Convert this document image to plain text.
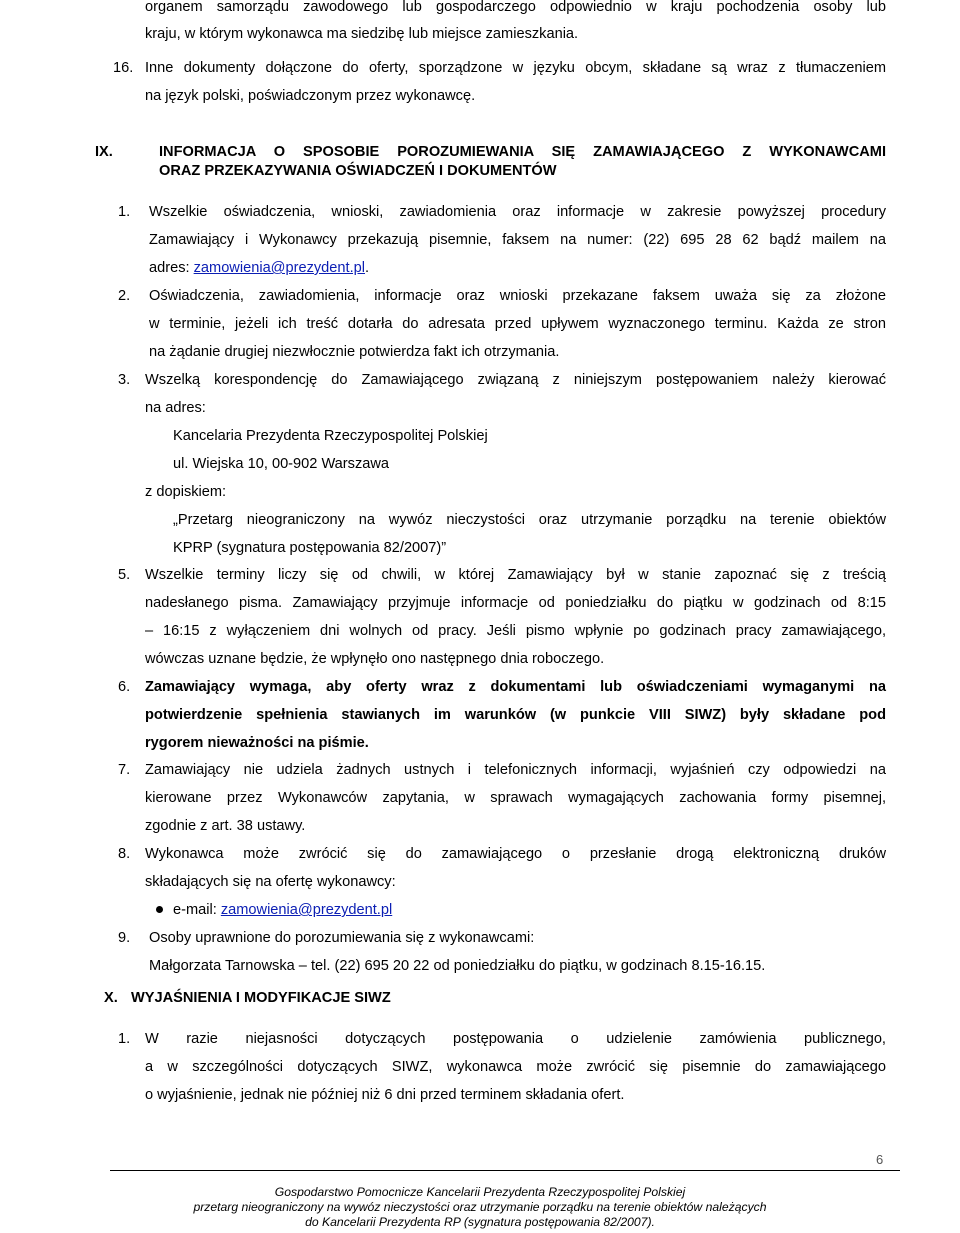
organem samorządu zawodowego lub gospodarczego odpowiednio w kraju pochodzenia osoby lub
kraju, w którym wykonawca ma siedzibę lub miejsce zamieszkania.
16. Inne dokumenty dołączone do oferty, sporządzone w języku obcym, składane są wraz z tłumaczeniem
na język polski, poświadczonym przez wykonawcę.
IX.	INFORMACJA O SPOSOBIE POROZUMIEWANIA SIĘ ZAMAWIAJĄCEGO Z WYKONAWCAMI
ORAZ PRZEKAZYWANIA OŚWIADCZEŃ I DOKUMENTÓW
1. Wszelkie oświadczenia, wnioski, zawiadomienia oraz informacje w zakresie powyższej procedury
Zamawiający i Wykonawcy przekazują pisemnie, faksem na numer: (22) 695 28 62 bądź mailem na
adres: zamowienia@prezydent.pl.
2. Oświadczenia, zawiadomienia, informacje oraz wnioski przekazane faksem uważa się za złożone
w terminie, jeżeli ich treść dotarła do adresata przed upływem wyznaczonego terminu. Każda ze stron
na żądanie drugiej niezwłocznie potwierdza fakt ich otrzymania.
3. Wszelką korespondencję do Zamawiającego związaną z niniejszym postępowaniem należy kierować
na adres:
Kancelaria Prezydenta Rzeczypospolitej Polskiej
ul. Wiejska 10, 00-902 Warszawa
z dopiskiem:
„Przetarg nieograniczony na wywóz nieczystości oraz utrzymanie porządku na terenie obiektów
KPRP (sygnatura postępowania 82/2007)”
5. Wszelkie terminy liczy się od chwili, w której Zamawiający był w stanie zapoznać się z treścią
nadesłanego pisma. Zamawiający przyjmuje informacje od poniedziałku do piątku w godzinach od 8:15
– 16:15 z wyłączeniem dni wolnych od pracy. Jeśli pismo wpłynie po godzinach pracy zamawiającego,
wówczas uznane będzie, że wpłynęło ono następnego dnia roboczego.
6. Zamawiający wymaga, aby oferty wraz z dokumentami lub oświadczeniami wymaganymi na
potwierdzenie spełnienia stawianych im warunków (w punkcie VIII SIWZ) były składane pod
rygorem nieważności na piśmie.
7. Zamawiający nie udziela żadnych ustnych i telefonicznych informacji, wyjaśnień czy odpowiedzi na
kierowane przez Wykonawców zapytania, w sprawach wymagających zachowania formy pisemnej,
zgodnie z art. 38 ustawy.
8. Wykonawca może zwrócić się do zamawiającego o przesłanie drogą elektroniczną druków
składających się na ofertę wykonawcy:
e-mail: zamowienia@prezydent.pl
9. Osoby uprawnione do porozumiewania się z wykonawcami:
Małgorzata Tarnowska – tel. (22) 695 20 22 od poniedziałku do piątku, w godzinach 8.15-16.15.
X. WYJAŚNIENIA I MODYFIKACJE SIWZ
1. W razie niejasności dotyczących postępowania o udzielenie zamówienia publicznego,
a w szczególności dotyczących SIWZ, wykonawca może zwrócić się pisemnie do zamawiającego
o wyjaśnienie, jednak nie później niż 6 dni przed terminem składania ofert.
6
Gospodarstwo Pomocnicze Kancelarii Prezydenta Rzeczypospolitej Polskiej
przetarg nieograniczony na wywóz nieczystości oraz utrzymanie porządku na terenie obiektów należących
do Kancelarii Prezydenta RP (sygnatura postępowania 82/2007).
